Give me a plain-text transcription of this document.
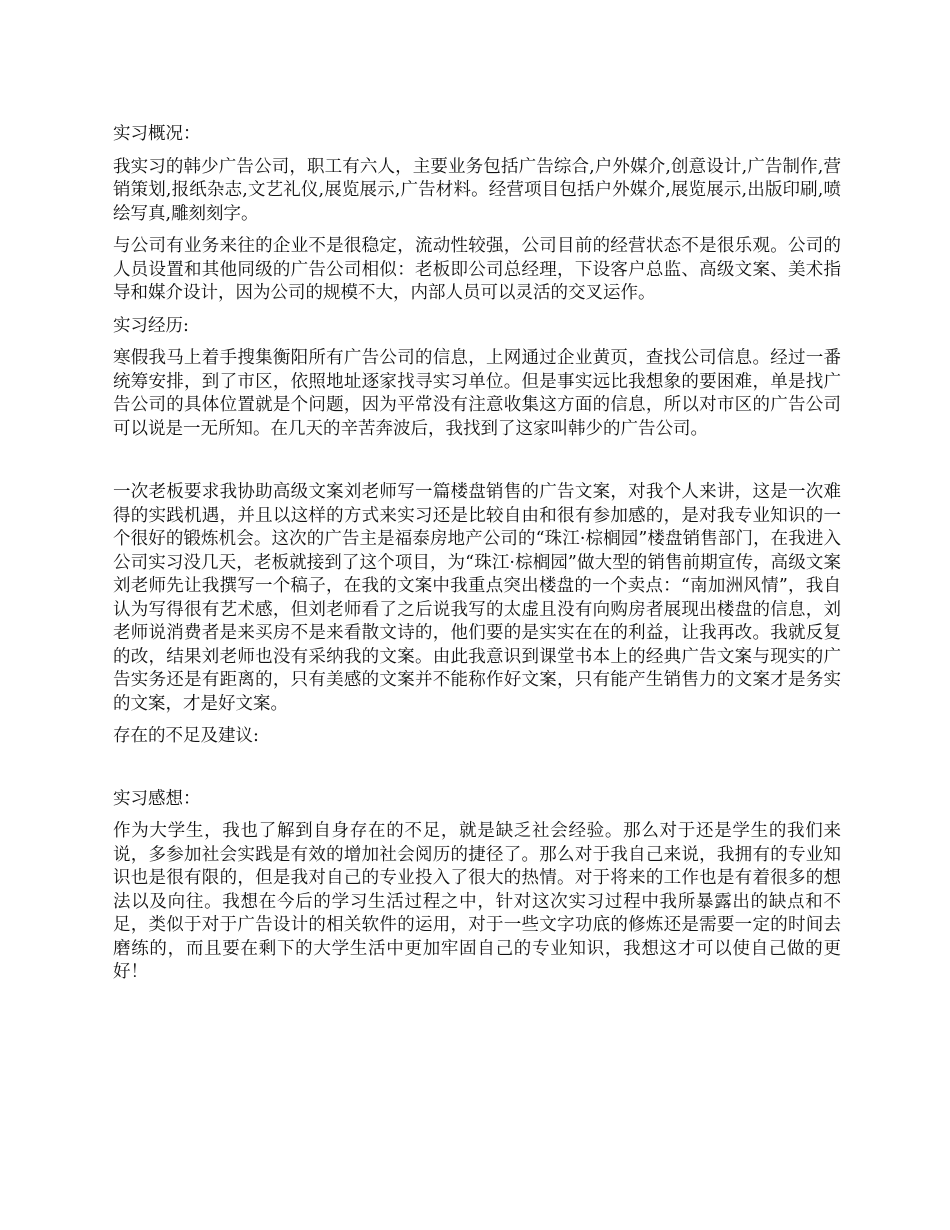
实习概况：

我实习的韩少广告公司，职工有六人，主要业务包括广告综合,户外媒介,创意设计,广告制作,营销策划,报纸杂志,文艺礼仪,展览展示,广告材料。经营项目包括户外媒介,展览展示,出版印刷,喷绘写真,雕刻刻字。

与公司有业务来往的企业不是很稳定，流动性较强，公司目前的经营状态不是很乐观。公司的人员设置和其他同级的广告公司相似：老板即公司总经理，下设客户总监、高级文案、美术指导和媒介设计，因为公司的规模不大，内部人员可以灵活的交叉运作。

实习经历:

寒假我马上着手搜集衡阳所有广告公司的信息，上网通过企业黄页，查找公司信息。经过一番统筹安排，到了市区，依照地址逐家找寻实习单位。但是事实远比我想象的要困难，单是找广告公司的具体位置就是个问题，因为平常没有注意收集这方面的信息，所以对市区的广告公司可以说是一无所知。在几天的辛苦奔波后，我找到了这家叫韩少的广告公司。

一次老板要求我协助高级文案刘老师写一篇楼盘销售的广告文案，对我个人来讲，这是一次难得的实践机遇，并且以这样的方式来实习还是比较自由和很有参加感的，是对我专业知识的一个很好的锻炼机会。这次的广告主是福泰房地产公司的“珠江·棕榈园”楼盘销售部门，在我进入公司实习没几天，老板就接到了这个项目，为“珠江·棕榈园”做大型的销售前期宣传，高级文案刘老师先让我撰写一个稿子，在我的文案中我重点突出楼盘的一个卖点：“南加洲风情”，我自认为写得很有艺术感，但刘老师看了之后说我写的太虚且没有向购房者展现出楼盘的信息，刘老师说消费者是来买房不是来看散文诗的，他们要的是实实在在的利益，让我再改。我就反复的改，结果刘老师也没有采纳我的文案。由此我意识到课堂书本上的经典广告文案与现实的广告实务还是有距离的，只有美感的文案并不能称作好文案，只有能产生销售力的文案才是务实的文案，才是好文案。

存在的不足及建议:

实习感想：

作为大学生，我也了解到自身存在的不足，就是缺乏社会经验。那么对于还是学生的我们来说，多参加社会实践是有效的增加社会阅历的捷径了。那么对于我自己来说，我拥有的专业知识也是很有限的，但是我对自己的专业投入了很大的热情。对于将来的工作也是有着很多的想法以及向往。我想在今后的学习生活过程之中，针对这次实习过程中我所暴露出的缺点和不足，类似于对于广告设计的相关软件的运用，对于一些文字功底的修炼还是需要一定的时间去磨练的，而且要在剩下的大学生活中更加牢固自己的专业知识，我想这才可以使自己做的更好！
